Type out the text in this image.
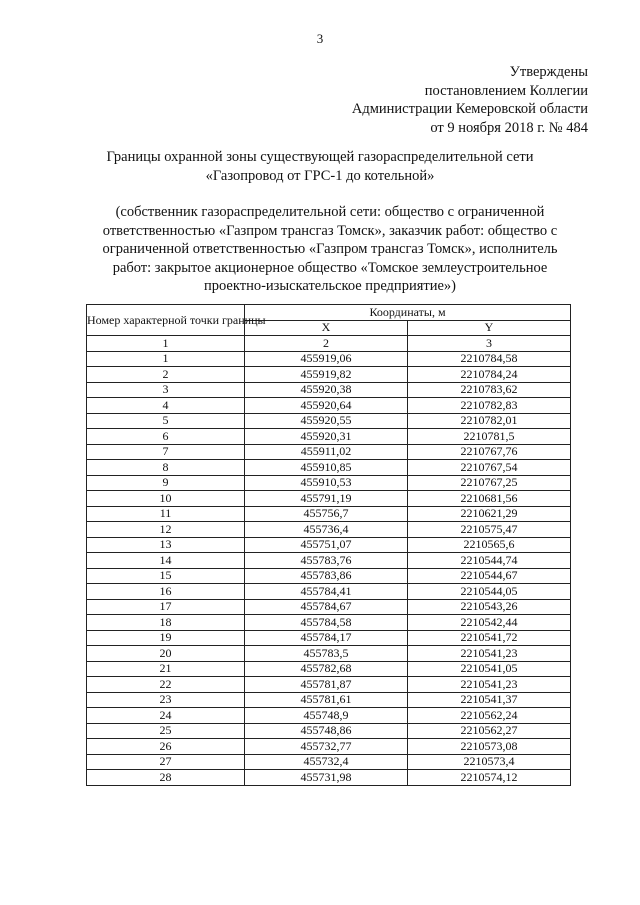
3
Утверждены
постановлением Коллегии
Администрации Кемеровской области
от 9 ноября 2018 г. № 484
Границы охранной зоны существующей газораспределительной сети
«Газопровод от ГРС-1 до котельной»
(собственник газораспределительной сети: общество с ограниченной
ответственностью «Газпром трансгаз Томск», заказчик работ: общество с
ограниченной ответственностью «Газпром трансгаз Томск», исполнитель
работ: закрытое акционерное общество «Томское землеустроительное
проектно-изыскательское предприятие»)
Номер характерной точки границы	Координаты, м	
	X	Y
1	2	3
1	455919,06	2210784,58
2	455919,82	2210784,24
3	455920,38	2210783,62
4	455920,64	2210782,83
5	455920,55	2210782,01
6	455920,31	2210781,5
7	455911,02	2210767,76
8	455910,85	2210767,54
9	455910,53	2210767,25
10	455791,19	2210681,56
11	455756,7	2210621,29
12	455736,4	2210575,47
13	455751,07	2210565,6
14	455783,76	2210544,74
15	455783,86	2210544,67
16	455784,41	2210544,05
17	455784,67	2210543,26
18	455784,58	2210542,44
19	455784,17	2210541,72
20	455783,5	2210541,23
21	455782,68	2210541,05
22	455781,87	2210541,23
23	455781,61	2210541,37
24	455748,9	2210562,24
25	455748,86	2210562,27
26	455732,77	2210573,08
27	455732,4	2210573,4
28	455731,98	2210574,12
